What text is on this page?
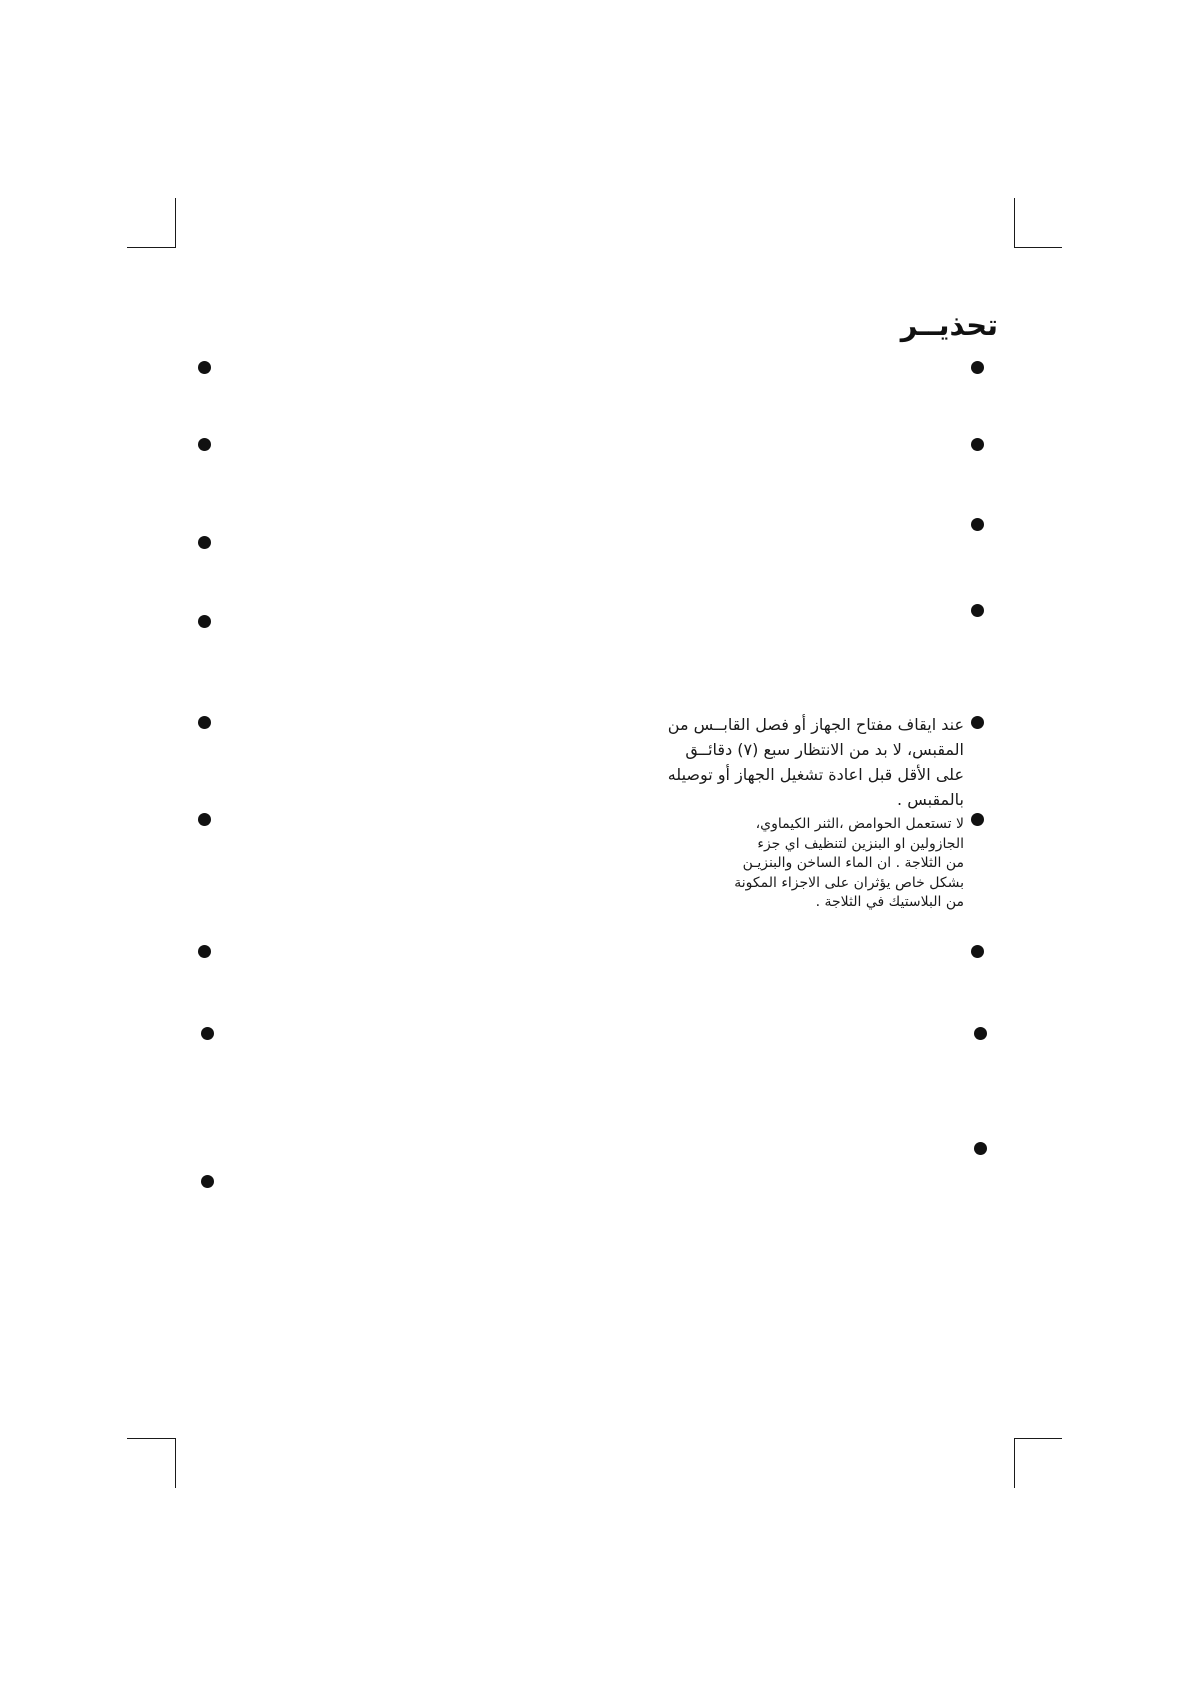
تحذيــر

عند ايقاف مفتاح الجهاز أو فصل القابــس من
المقبس، لا بد من الانتظار سبع (٧) دقائــق
على الأقل قبل اعادة تشغيل الجهاز أو توصيله
بالمقبس .

لا تستعمل الحوامض ،الثنر الكيماوي،
الجازولين او البنزين لتنظيف اي جزء
من الثلاجة . ان الماء الساخن والبنزيـن
بشكل خاص يؤثران على الاجزاء المكونة
من البلاستيك في الثلاجة .
